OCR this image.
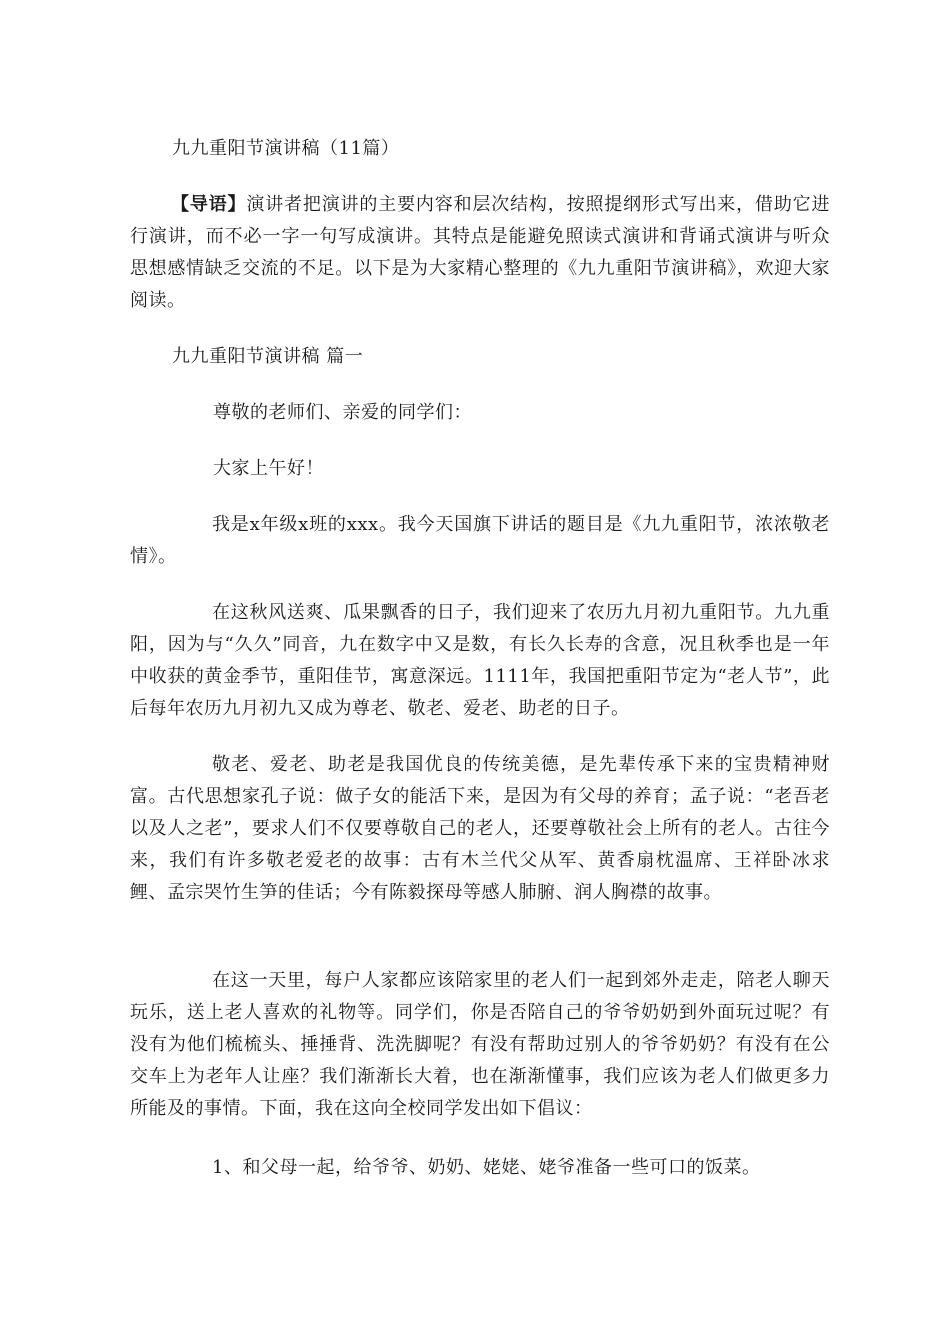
九九重阳节演讲稿（11篇）

【导语】演讲者把演讲的主要内容和层次结构，按照提纲形式写出来，借助它进行演讲，而不必一字一句写成演讲。其特点是能避免照读式演讲和背诵式演讲与听众思想感情缺乏交流的不足。以下是为大家精心整理的《九九重阳节演讲稿》，欢迎大家阅读。

九九重阳节演讲稿 篇一

尊敬的老师们、亲爱的同学们：

大家上午好！

我是x年级x班的xxx。我今天国旗下讲话的题目是《九九重阳节，浓浓敬老情》。

在这秋风送爽、瓜果飘香的日子，我们迎来了农历九月初九重阳节。九九重阳，因为与“久久”同音，九在数字中又是数，有长久长寿的含意，况且秋季也是一年中收获的黄金季节，重阳佳节，寓意深远。1111年，我国把重阳节定为“老人节”，此后每年农历九月初九又成为尊老、敬老、爱老、助老的日子。

敬老、爱老、助老是我国优良的传统美德，是先辈传承下来的宝贵精神财富。古代思想家孔子说：做子女的能活下来，是因为有父母的养育；孟子说：“老吾老以及人之老”，要求人们不仅要尊敬自己的老人，还要尊敬社会上所有的老人。古往今来，我们有许多敬老爱老的故事：古有木兰代父从军、黄香扇枕温席、王祥卧冰求鲤、孟宗哭竹生笋的佳话；今有陈毅探母等感人肺腑、润人胸襟的故事。

在这一天里，每户人家都应该陪家里的老人们一起到郊外走走，陪老人聊天玩乐，送上老人喜欢的礼物等。同学们，你是否陪自己的爷爷奶奶到外面玩过呢？有没有为他们梳梳头、捶捶背、洗洗脚呢？有没有帮助过别人的爷爷奶奶？有没有在公交车上为老年人让座？我们渐渐长大着，也在渐渐懂事，我们应该为老人们做更多力所能及的事情。下面，我在这向全校同学发出如下倡议：

1、和父母一起，给爷爷、奶奶、姥姥、姥爷准备一些可口的饭菜。
